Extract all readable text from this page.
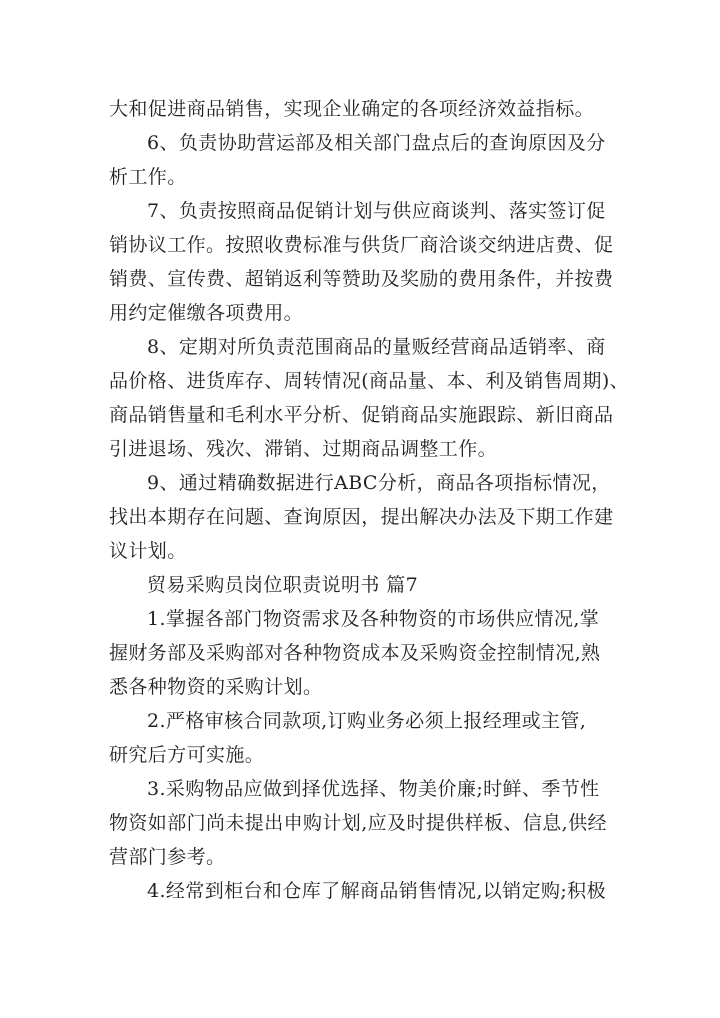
大和促进商品销售，实现企业确定的各项经济效益指标。
6、负责协助营运部及相关部门盘点后的查询原因及分
析工作。
7、负责按照商品促销计划与供应商谈判、落实签订促
销协议工作。按照收费标准与供货厂商洽谈交纳进店费、促
销费、宣传费、超销返利等赞助及奖励的费用条件，并按费
用约定催缴各项费用。
8、定期对所负责范围商品的量贩经营商品适销率、商
品价格、进货库存、周转情况(商品量、本、利及销售周期)、
商品销售量和毛利水平分析、促销商品实施跟踪、新旧商品
引进退场、残次、滞销、过期商品调整工作。
9、通过精确数据进行ABC分析，商品各项指标情况，
找出本期存在问题、查询原因，提出解决办法及下期工作建
议计划。
贸易采购员岗位职责说明书 篇7
1.掌握各部门物资需求及各种物资的市场供应情况,掌
握财务部及采购部对各种物资成本及采购资金控制情况,熟
悉各种物资的采购计划。
2.严格审核合同款项,订购业务必须上报经理或主管,
研究后方可实施。
3.采购物品应做到择优选择、物美价廉;时鲜、季节性
物资如部门尚未提出申购计划,应及时提供样板、信息,供经
营部门参考。
4.经常到柜台和仓库了解商品销售情况,以销定购;积极
